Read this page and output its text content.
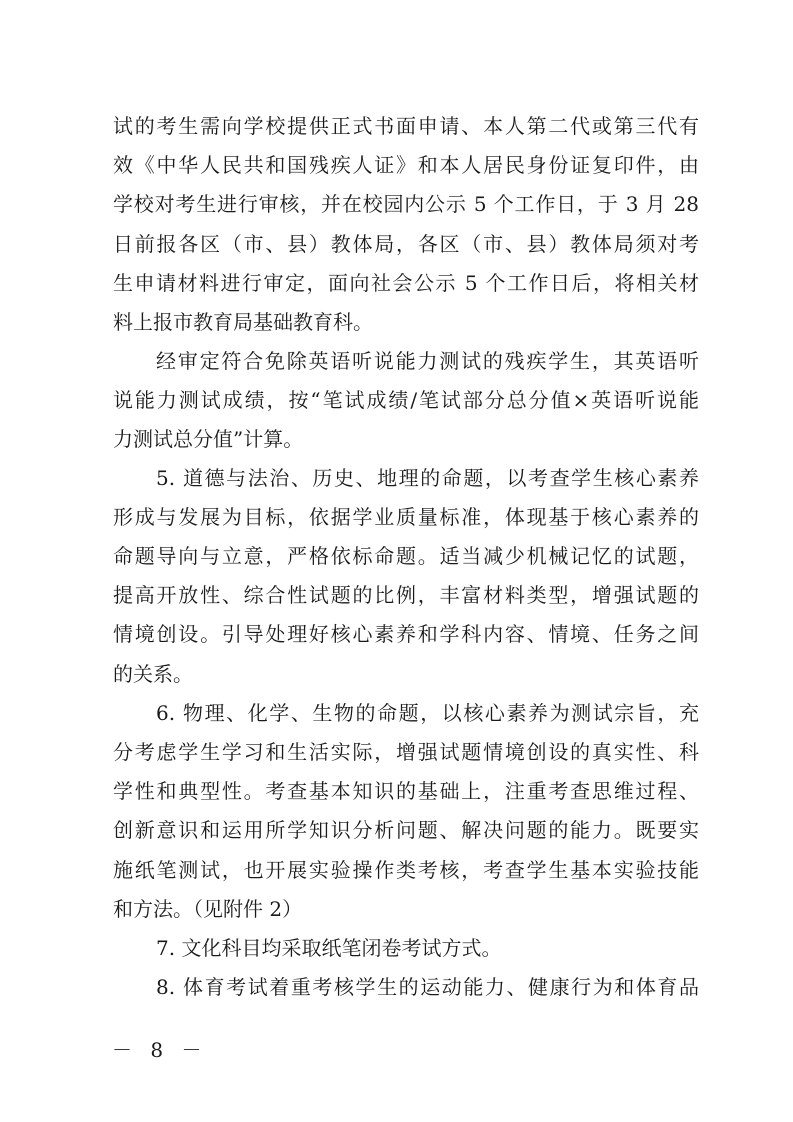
试的考生需向学校提供正式书面申请、本人第二代或第三代有
效《中华人民共和国残疾人证》和本人居民身份证复印件，由
学校对考生进行审核，并在校园内公示 5 个工作日，于 3 月 28
日前报各区（市、县）教体局，各区（市、县）教体局须对考
生申请材料进行审定，面向社会公示 5 个工作日后，将相关材
料上报市教育局基础教育科。
经审定符合免除英语听说能力测试的残疾学生，其英语听
说能力测试成绩，按“笔试成绩/笔试部分总分值×英语听说能
力测试总分值”计算。
5. 道德与法治、历史、地理的命题，以考查学生核心素养
形成与发展为目标，依据学业质量标准，体现基于核心素养的
命题导向与立意，严格依标命题。适当减少机械记忆的试题，
提高开放性、综合性试题的比例，丰富材料类型，增强试题的
情境创设。引导处理好核心素养和学科内容、情境、任务之间
的关系。
6. 物理、化学、生物的命题，以核心素养为测试宗旨，充
分考虑学生学习和生活实际，增强试题情境创设的真实性、科
学性和典型性。考查基本知识的基础上，注重考查思维过程、
创新意识和运用所学知识分析问题、解决问题的能力。既要实
施纸笔测试，也开展实验操作类考核，考查学生基本实验技能
和方法。（见附件 2）
7. 文化科目均采取纸笔闭卷考试方式。
8. 体育考试着重考核学生的运动能力、健康行为和体育品
－ 8 －
